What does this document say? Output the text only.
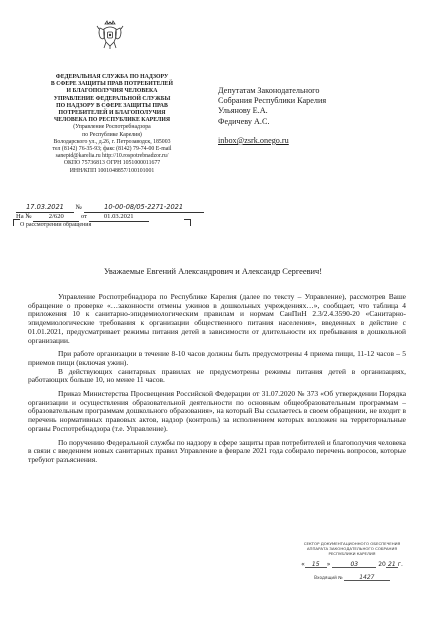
ФЕДЕРАЛЬНАЯ СЛУЖБА ПО НАДЗОРУ
В СФЕРЕ ЗАЩИТЫ ПРАВ ПОТРЕБИТЕЛЕЙ
И БЛАГОПОЛУЧИЯ ЧЕЛОВЕКА
УПРАВЛЕНИЕ ФЕДЕРАЛЬНОЙ СЛУЖБЫ
ПО НАДЗОРУ В СФЕРЕ ЗАЩИТЫ ПРАВ
ПОТРЕБИТЕЛЕЙ И БЛАГОПОЛУЧИЯ
ЧЕЛОВЕКА ПО РЕСПУБЛИКЕ КАРЕЛИЯ
(Управление Роспотребнадзора
по Республике Карелия)
Володарского ул., д.26, г. Петрозаводск, 185003
тел (8142) 76-35-93; факс (8142) 79-74-00 E-mail
sanepid@karelia.ru http://10.rospotrebnadzor.ru/
ОКПО 75736813 ОГРН 1051000011677
ИНН/КПП 1001048857/100101001
17.03.2021 №	10-00-08/05-2271-2021
На №	2/620	от	01.03.2021
О рассмотрении обращения
Депутатам Законодательного
Собрания Республики Карелия
Ульянову Е.А.
Федичеву А.С.
inbox@zsrk.onego.ru
Уважаемые Евгений Александрович и Александр Сергеевич!

Управление Роспотребнадзора по Республике Карелия (далее по тексту – Управление), рассмотрев Ваше обращение о проверке «…законности отмены ужинов в дошкольных учреждениях…», сообщает, что таблица 4 приложения 10 к санитарно-эпидемиологическим правилам и нормам СанПиН 2.3/2.4.3590-20 «Санитарно-эпидемиологические требования к организации общественного питания населения», введенных в действие с 01.01.2021, предусматривает режимы питания детей в зависимости от длительности их пребывания в дошкольной организации.

При работе организации в течение 8-10 часов должны быть предусмотрены 4 приема пищи, 11-12 часов – 5 приемов пищи (включая ужин).

В действующих санитарных правилах не предусмотрены режимы питания детей в организациях, работающих больше 10, но менее 11 часов.

Приказ Министерства Просвещения Российской Федерации от 31.07.2020 № 373 «Об утверждении Порядка организации и осуществления образовательной деятельности по основным общеобразовательным программам – образовательным программам дошкольного образования», на который Вы ссылаетесь в своем обращении, не входит в перечень нормативных правовых актов, надзор (контроль) за исполнением которых возложен на территориальные органы Роспотребнадзора (т.е. Управление).

По поручению Федеральной службы по надзору в сфере защиты прав потребителей и благополучия человека в связи с введением новых санитарных правил Управление в феврале 2021 года собирало перечень вопросов, которые требуют разъяснения.

СЕКТОР ДОКУМЕНТАЦИОННОГО ОБЕСПЕЧЕНИЯ
АППАРАТА ЗАКОНОДАТЕЛЬНОГО СОБРАНИЯ
РЕСПУБЛИКИ КАРЕЛИЯ
« 15 »	03	20 21 г.
Входящий №	1427
